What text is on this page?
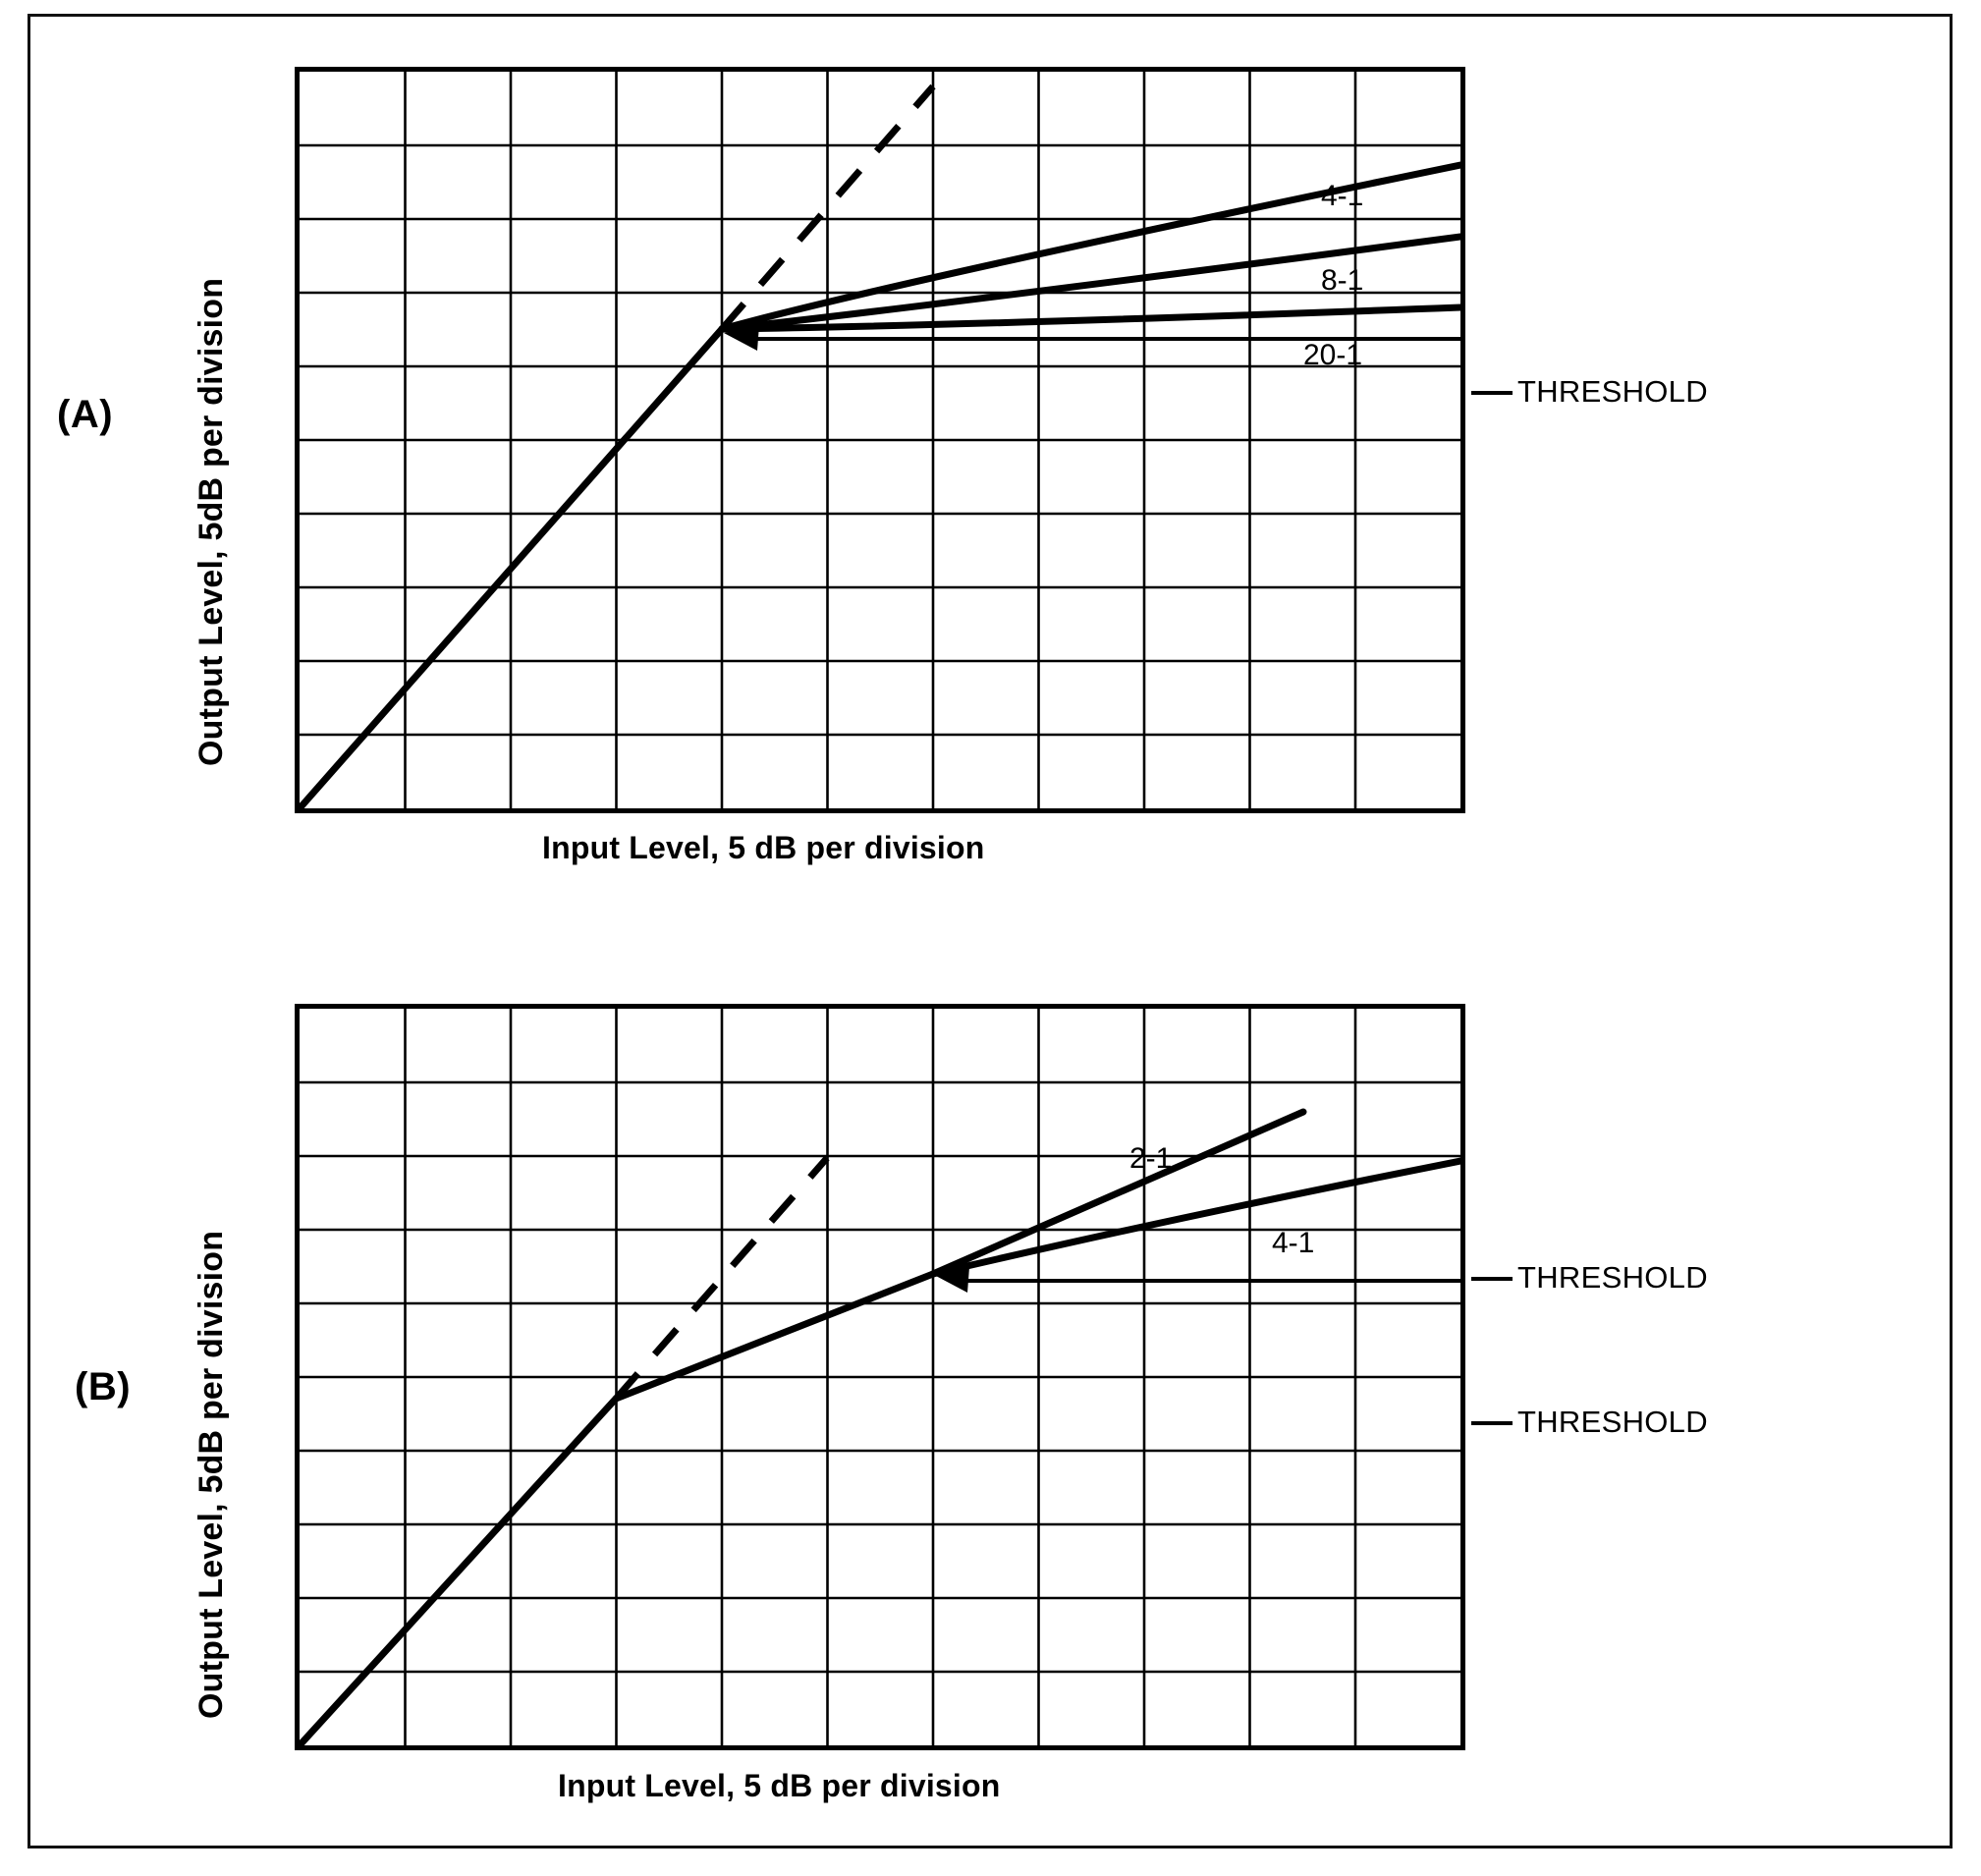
(A) Output Level, 5dB per division
4-1
8-1
20-1
THRESHOLD
Input Level, 5 dB per division
(B) Output Level, 5dB per division
2-1
4-1
THRESHOLD
THRESHOLD
Input Level, 5 dB per division
